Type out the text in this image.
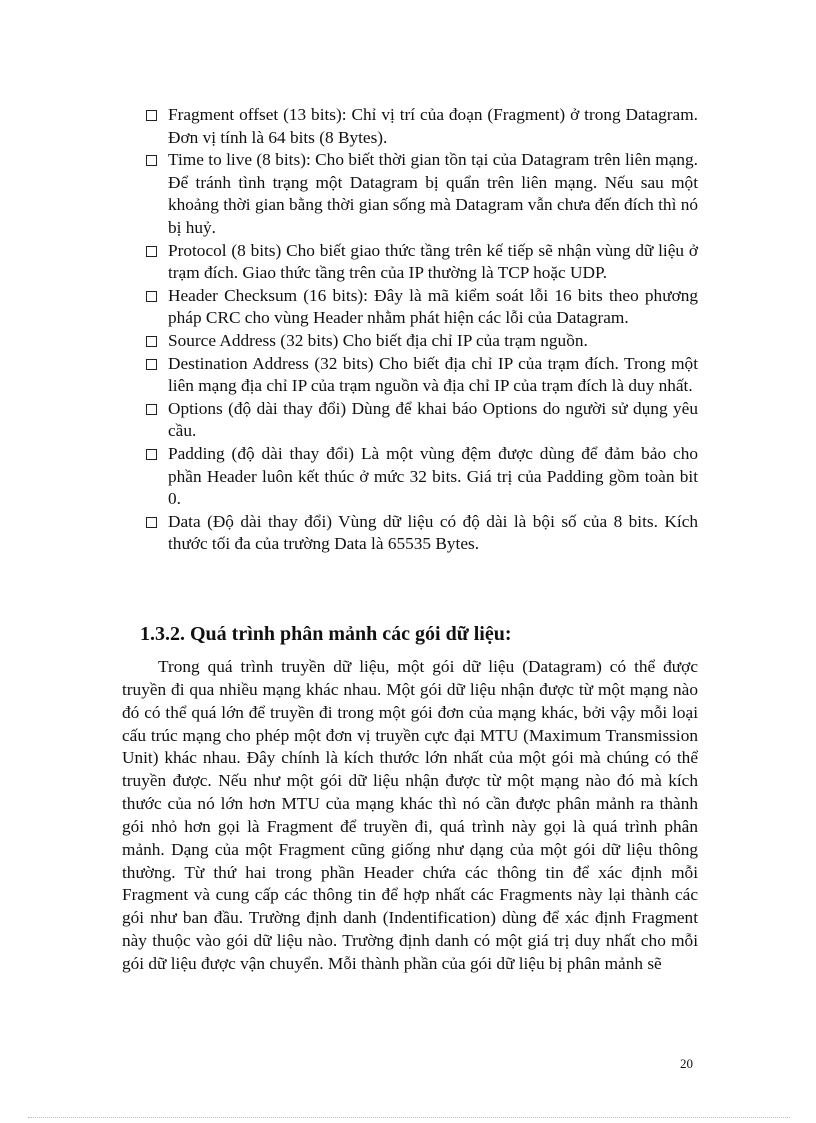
Fragment offset (13 bits): Chỉ vị trí của đoạn (Fragment) ở trong Datagram. Đơn vị tính là 64 bits (8 Bytes).
Time to live (8 bits): Cho biết thời gian tồn tại của Datagram trên liên mạng. Để tránh tình trạng một Datagram bị quẩn trên liên mạng. Nếu sau một khoảng thời gian bằng thời gian sống mà Datagram vẫn chưa đến đích thì nó bị huỷ.
Protocol (8 bits) Cho biết giao thức tầng trên kế tiếp sẽ nhận vùng dữ liệu ở trạm đích. Giao thức tầng trên của IP thường là TCP hoặc UDP.
Header Checksum (16 bits): Đây là mã kiểm soát lỗi 16 bits theo phương pháp CRC cho vùng Header nhằm phát hiện các lỗi của Datagram.
Source Address (32 bits) Cho biết địa chỉ IP của trạm nguồn.
Destination Address (32 bits) Cho biết địa chỉ IP của trạm đích. Trong một liên mạng địa chỉ IP của trạm nguồn và địa chỉ IP của trạm đích là duy nhất.
Options (độ dài thay đổi) Dùng để khai báo Options do người sử dụng yêu cầu.
Padding (độ dài thay đổi) Là một vùng đệm được dùng để đảm bảo cho phần Header luôn kết thúc ở mức 32 bits. Giá trị của Padding gồm toàn bit 0.
Data (Độ dài thay đổi) Vùng dữ liệu có độ dài là bội số của 8 bits. Kích thước tối đa của trường Data là 65535 Bytes.
1.3.2. Quá trình phân mảnh các gói dữ liệu:

Trong quá trình truyền dữ liệu, một gói dữ liệu (Datagram) có thể được truyền đi qua nhiều mạng khác nhau. Một gói dữ liệu nhận được từ một mạng nào đó có thể quá lớn để truyền đi trong một gói đơn của mạng khác, bởi vậy mỗi loại cấu trúc mạng cho phép một đơn vị truyền cực đại MTU (Maximum Transmission Unit) khác nhau. Đây chính là kích thước lớn nhất của một gói mà chúng có thể truyền được. Nếu như một gói dữ liệu nhận được từ một mạng nào đó mà kích thước của nó lớn hơn MTU của mạng khác thì nó cần được phân mảnh ra thành gói nhỏ hơn gọi là Fragment để truyền đi, quá trình này gọi là quá trình phân mảnh. Dạng của một Fragment cũng giống như dạng của một gói dữ liệu thông thường. Từ thứ hai trong phần Header chứa các thông tin để xác định mỗi Fragment và cung cấp các thông tin để hợp nhất các Fragments này lại thành các gói như ban đầu. Trường định danh (Indentification) dùng để xác định Fragment này thuộc vào gói dữ liệu nào. Trường định danh có một giá trị duy nhất cho mỗi gói dữ liệu được vận chuyển. Mỗi thành phần của gói dữ liệu bị phân mảnh sẽ

20
